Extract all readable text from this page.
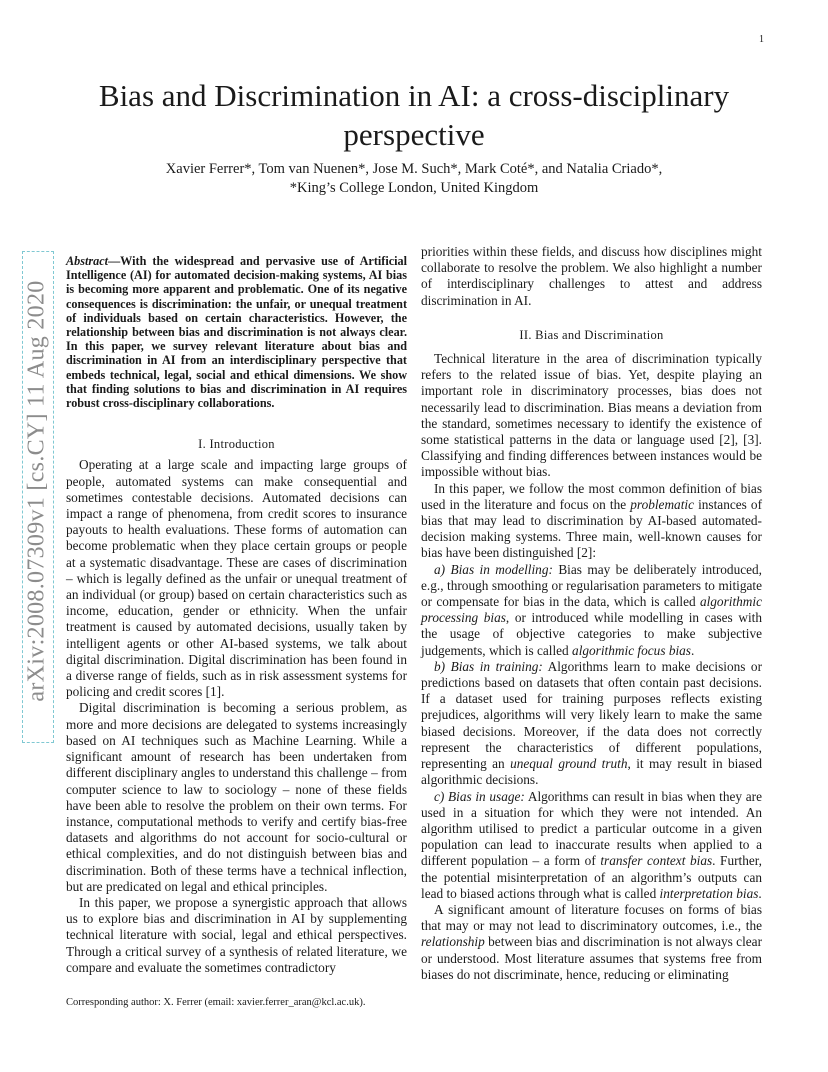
1
Bias and Discrimination in AI: a cross-disciplinary perspective
Xavier Ferrer*, Tom van Nuenen*, Jose M. Such*, Mark Coté*, and Natalia Criado*,
*King’s College London, United Kingdom
arXiv:2008.07309v1 [cs.CY] 11 Aug 2020

Abstract—With the widespread and pervasive use of Artificial Intelligence (AI) for automated decision-making systems, AI bias is becoming more apparent and problematic. One of its negative consequences is discrimination: the unfair, or unequal treatment of individuals based on certain characteristics. However, the relationship between bias and discrimination is not always clear. In this paper, we survey relevant literature about bias and discrimination in AI from an interdisciplinary perspective that embeds technical, legal, social and ethical dimensions. We show that finding solutions to bias and discrimination in AI requires robust cross-disciplinary collaborations.

I. Introduction

Operating at a large scale and impacting large groups of people, automated systems can make consequential and sometimes contestable decisions. Automated decisions can impact a range of phenomena, from credit scores to insurance payouts to health evaluations. These forms of automation can become problematic when they place certain groups or people at a systematic disadvantage. These are cases of discrimination – which is legally defined as the unfair or unequal treatment of an individual (or group) based on certain characteristics such as income, education, gender or ethnicity. When the unfair treatment is caused by automated decisions, usually taken by intelligent agents or other AI-based systems, we talk about digital discrimination. Digital discrimination has been found in a diverse range of fields, such as in risk assessment systems for policing and credit scores [1].

Digital discrimination is becoming a serious problem, as more and more decisions are delegated to systems increasingly based on AI techniques such as Machine Learning. While a significant amount of research has been undertaken from different disciplinary angles to understand this challenge – from computer science to law to sociology – none of these fields have been able to resolve the problem on their own terms. For instance, computational methods to verify and certify bias-free datasets and algorithms do not account for socio-cultural or ethical complexities, and do not distinguish between bias and discrimination. Both of these terms have a technical inflection, but are predicated on legal and ethical principles.

In this paper, we propose a synergistic approach that allows us to explore bias and discrimination in AI by supplementing technical literature with social, legal and ethical perspectives. Through a critical survey of a synthesis of related literature, we compare and evaluate the sometimes contradictory

priorities within these fields, and discuss how disciplines might collaborate to resolve the problem. We also highlight a number of interdisciplinary challenges to attest and address discrimination in AI.

II. Bias and Discrimination

Technical literature in the area of discrimination typically refers to the related issue of bias. Yet, despite playing an important role in discriminatory processes, bias does not necessarily lead to discrimination. Bias means a deviation from the standard, sometimes necessary to identify the existence of some statistical patterns in the data or language used [2], [3]. Classifying and finding differences between instances would be impossible without bias.

In this paper, we follow the most common definition of bias used in the literature and focus on the problematic instances of bias that may lead to discrimination by AI-based automated-decision making systems. Three main, well-known causes for bias have been distinguished [2]:

a) Bias in modelling: Bias may be deliberately introduced, e.g., through smoothing or regularisation parameters to mitigate or compensate for bias in the data, which is called algorithmic processing bias, or introduced while modelling in cases with the usage of objective categories to make subjective judgements, which is called algorithmic focus bias.

b) Bias in training: Algorithms learn to make decisions or predictions based on datasets that often contain past decisions. If a dataset used for training purposes reflects existing prejudices, algorithms will very likely learn to make the same biased decisions. Moreover, if the data does not correctly represent the characteristics of different populations, representing an unequal ground truth, it may result in biased algorithmic decisions.

c) Bias in usage: Algorithms can result in bias when they are used in a situation for which they were not intended. An algorithm utilised to predict a particular outcome in a given population can lead to inaccurate results when applied to a different population – a form of transfer context bias. Further, the potential misinterpretation of an algorithm’s outputs can lead to biased actions through what is called interpretation bias.

A significant amount of literature focuses on forms of bias that may or may not lead to discriminatory outcomes, i.e., the relationship between bias and discrimination is not always clear or understood. Most literature assumes that systems free from biases do not discriminate, hence, reducing or eliminating

Corresponding author: X. Ferrer (email: xavier.ferrer_aran@kcl.ac.uk).
